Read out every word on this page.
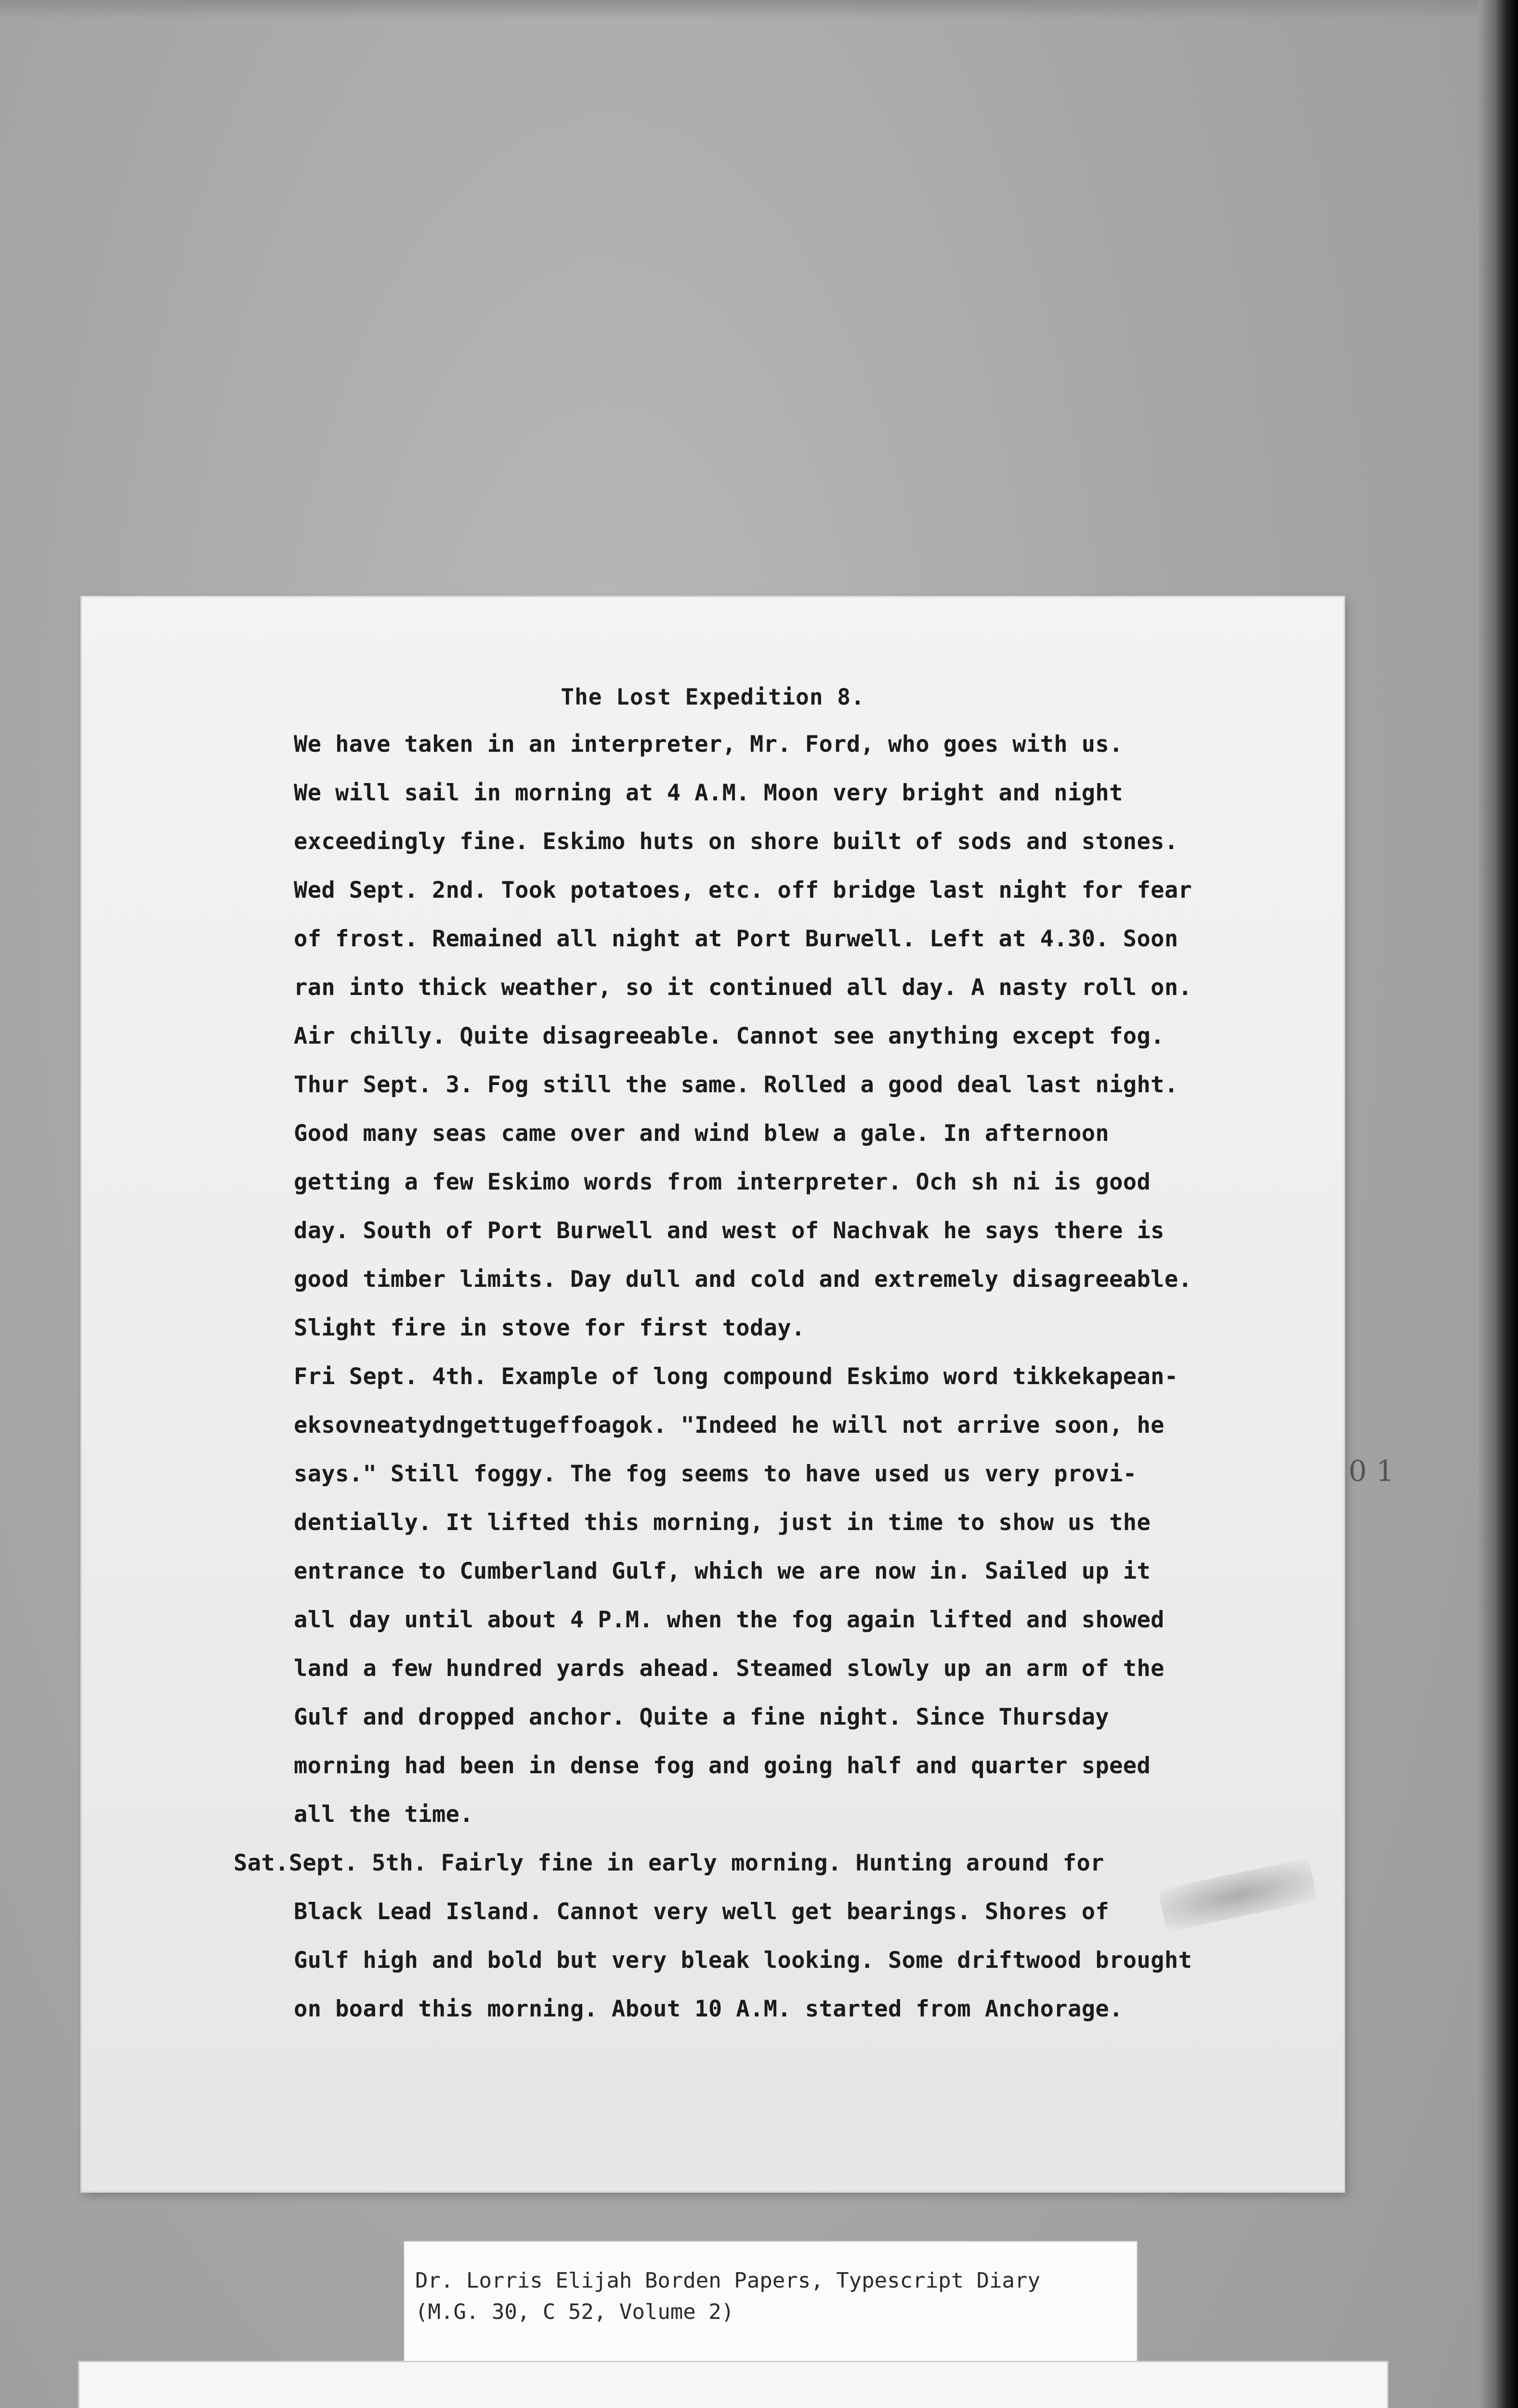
The Lost Expedition 8.
We have taken in an interpreter, Mr. Ford, who goes with us.
We will sail in morning at 4 A.M. Moon very bright and night
exceedingly fine. Eskimo huts on shore built of sods and stones.
Wed Sept. 2nd. Took potatoes, etc. off bridge last night for fear
of frost. Remained all night at Port Burwell. Left at 4.30. Soon
ran into thick weather, so it continued all day. A nasty roll on.
Air chilly. Quite disagreeable. Cannot see anything except fog.
Thur Sept. 3. Fog still the same. Rolled a good deal last night.
Good many seas came over and wind blew a gale. In afternoon
getting a few Eskimo words from interpreter. Och sh ni is good
day. South of Port Burwell and west of Nachvak he says there is
good timber limits. Day dull and cold and extremely disagreeable.
Slight fire in stove for first today.
Fri Sept. 4th. Example of long compound Eskimo word tikkekapean-
eksovneatydngettugeffoagok. "Indeed he will not arrive soon, he
says." Still foggy. The fog seems to have used us very provi-
dentially. It lifted this morning, just in time to show us the
entrance to Cumberland Gulf, which we are now in. Sailed up it
all day until about 4 P.M. when the fog again lifted and showed
land a few hundred yards ahead. Steamed slowly up an arm of the
Gulf and dropped anchor. Quite a fine night. Since Thursday
morning had been in dense fog and going half and quarter speed
all the time.
Sat.Sept. 5th. Fairly fine in early morning. Hunting around for
Black Lead Island. Cannot very well get bearings. Shores of
Gulf high and bold but very bleak looking. Some driftwood brought
on board this morning. About 10 A.M. started from Anchorage.
0 1
Dr. Lorris Elijah Borden Papers, Typescript Diary
(M.G. 30, C 52, Volume 2)
